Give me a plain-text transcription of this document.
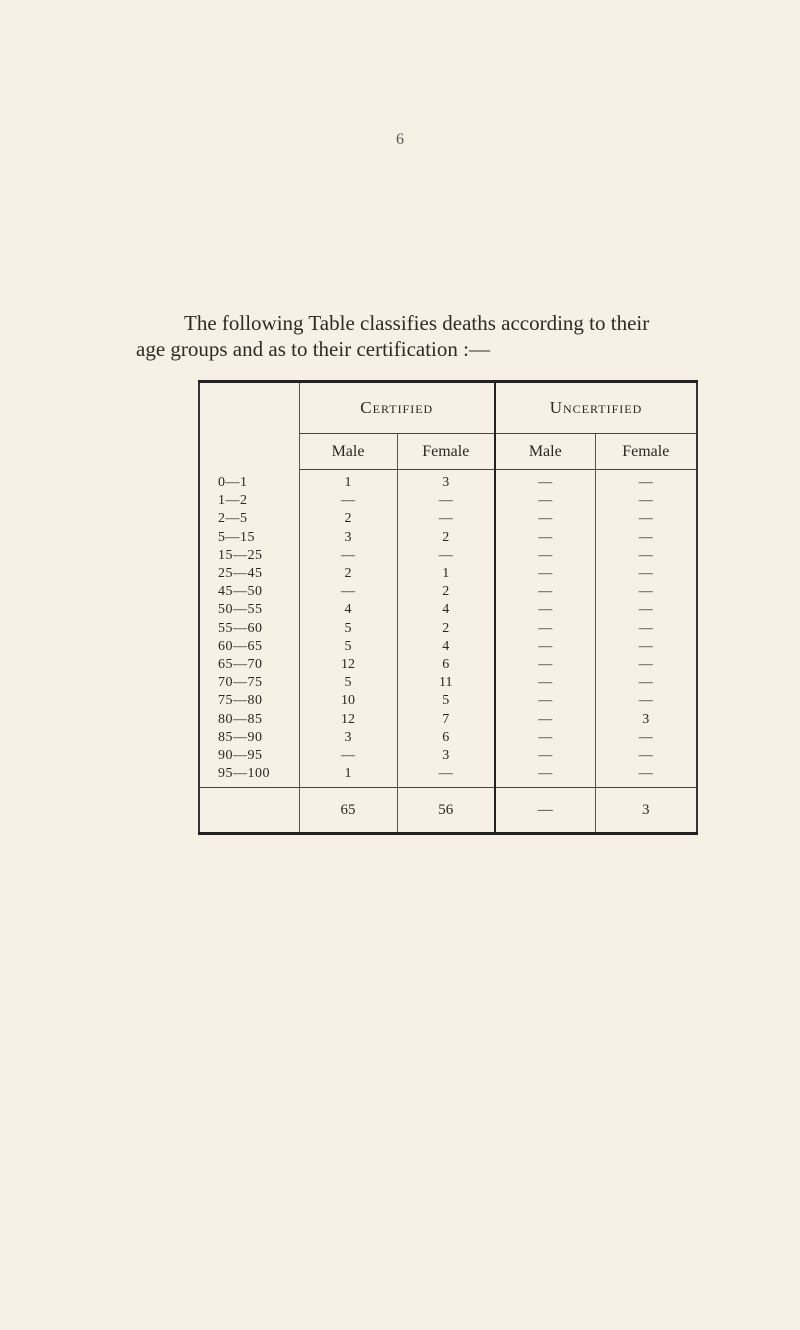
6
The following Table classifies deaths according to their
age groups and as to their certification :—
	Certified		Uncertified	
	Male	Female	Male	Female
0—1	1	3	—	—
1—2	—	—	—	—
2—5	2	—	—	—
5—15	3	2	—	—
15—25	—	—	—	—
25—45	2	1	—	—
45—50	—	2	—	—
50—55	4	4	—	—
55—60	5	2	—	—
60—65	5	4	—	—
65—70	12	6	—	—
70—75	5	11	—	—
75—80	10	5	—	—
80—85	12	7	—	3
85—90	3	6	—	—
90—95	—	3	—	—
95—100	1	—	—	—
	65	56	—	3
